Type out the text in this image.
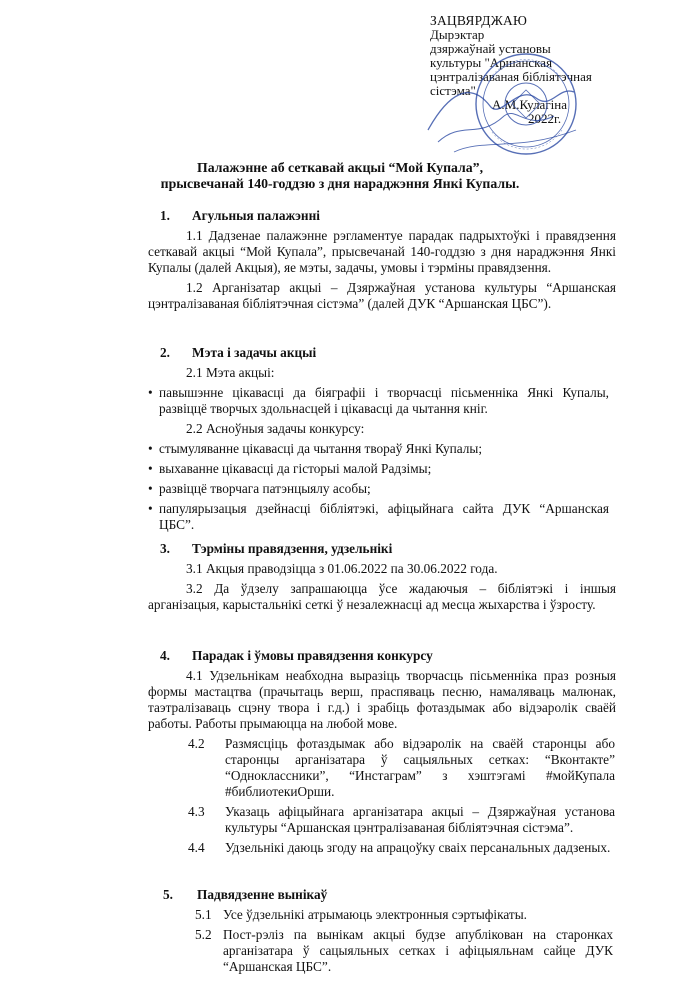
ЗАЦВЯРДЖАЮ
Дырэктар
дзяржаўнай установы
культуры "Аршанская
цэнтралізаваная бібліятэчная
сістэма"
А.М.Кулагіна
2022г.
Палажэнне аб сеткавай акцыі “Мой Купала”,
прысвечанай 140-годдзю з дня нараджэння Янкі Купалы.
1. Агульныя палажэнні
1.1 Дадзенае палажэнне рэгламентуе парадак падрыхтоўкі і правядзення сеткавай акцыі “Мой Купала”, прысвечанай 140-годдзю з дня нараджэння Янкі Купалы (далей Акцыя), яе мэты, задачы, умовы і тэрміны правядзення.
1.2 Арганізатар акцыі – Дзяржаўная установа культуры “Аршанская цэнтралізаваная бібліятэчная сістэма” (далей ДУК “Аршанская ЦБС”).
2. Мэта і задачы акцыі
2.1 Мэта акцыі:
• павышэнне цікавасці да біяграфіі і творчасці пісьменніка Янкі Купалы, развіццё творчых здольнасцей і цікавасці да чытання кніг.
2.2 Асноўныя задачы конкурсу:
• стымуляванне цікавасці да чытання твораў Янкі Купалы;
• выхаванне цікавасці да гісторыі малой Радзімы;
• развіццё творчага патэнцыялу асобы;
• папулярызацыя дзейнасці бібліятэкі, афіцыйнага сайта ДУК “Аршанская ЦБС”.
3. Тэрміны правядзення, удзельнікі
3.1 Акцыя праводзіцца з 01.06.2022 па 30.06.2022 года.
3.2 Да ўдзелу запрашаюцца ўсе жадаючыя – бібліятэкі і іншыя арганізацыя, карыстальнікі сеткі ў незалежнасці ад месца жыхарства і ўзросту.
4. Парадак і ўмовы правядзення конкурсу
4.1 Удзельнікам неабходна выразіць творчасць пісьменніка праз розныя формы мастацтва (прачытаць верш, праспяваць песню, намаляваць малюнак, таэтралізаваць сцэну твора і г.д.) і зрабіць фотаздымак або відэаролік сваёй работы. Работы прымаюцца на любой мове.
4.2 Размясціць фотаздымак або відэаролік на сваёй старонцы або старонцы арганізатара ў сацыяльных сетках: “Вконтакте” “Одноклассники”, “Инстаграм” з хэштэгамі #мойКупала #библиотекиОрши.
4.3 Указаць афіцыйнага арганізатара акцыі – Дзяржаўная установа культуры “Аршанская цэнтралізаваная бібліятэчная сістэма”.
4.4 Удзельнікі даюць згоду на апрацоўку сваіх персанальных дадзеных.
5. Падвядзенне вынікаў
5.1 Усе ўдзельнікі атрымаюць электронныя сэртыфікаты.
5.2 Пост-рэліз па вынікам акцыі будзе апублікован на старонках арганізатара ў сацыяльных сетках і афіцыяльнам сайце ДУК “Аршанская ЦБС”.
